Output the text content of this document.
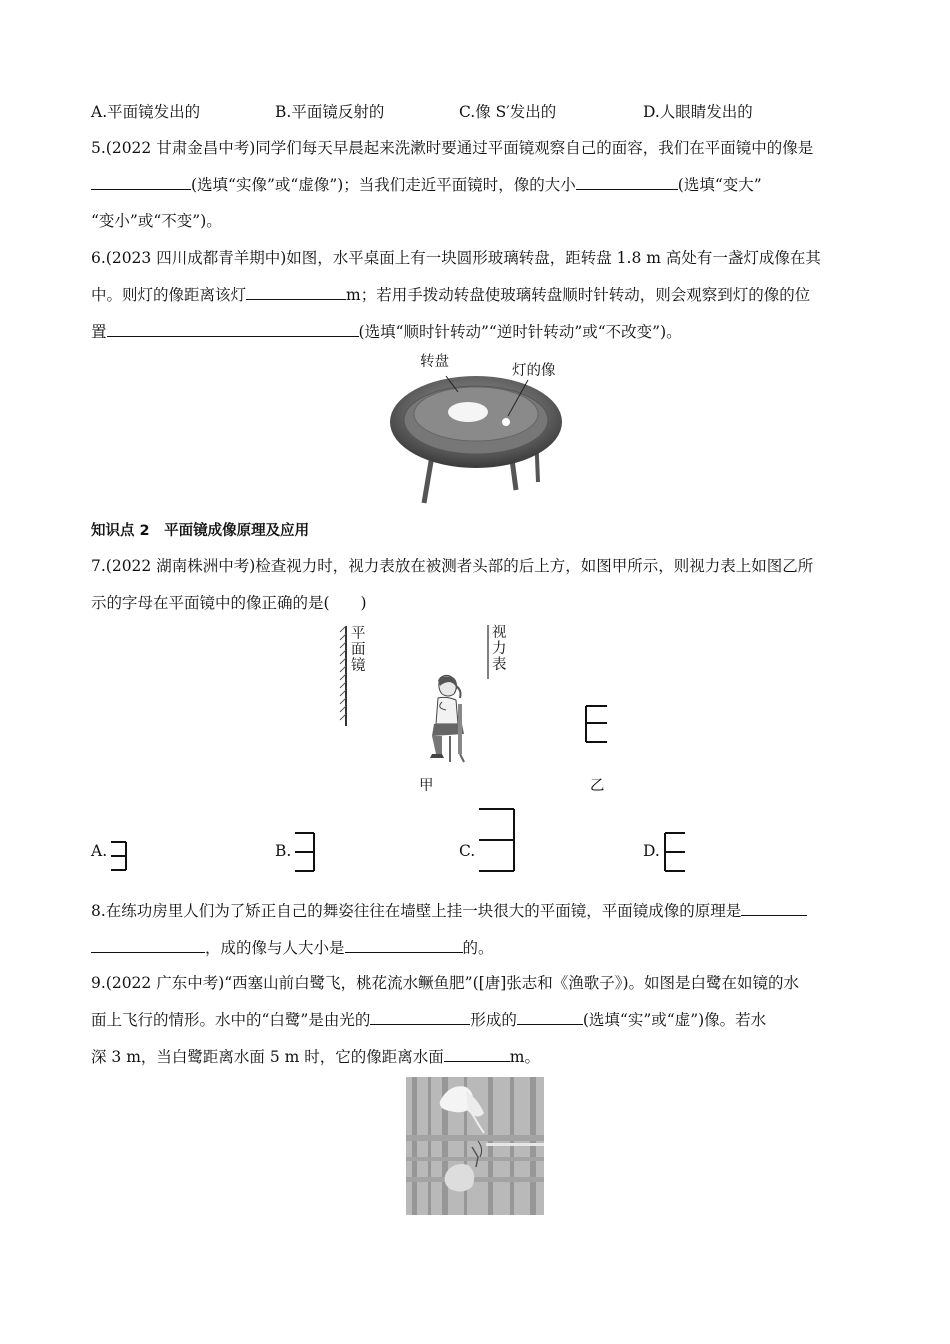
A.平面镜发出的	B.平面镜反射的	C.像 S′发出的	D.人眼睛发出的
5.(2022 甘肃金昌中考)同学们每天早晨起来洗漱时要通过平面镜观察自己的面容，我们在平面镜中的像是
(选填“实像”或“虚像”)；当我们走近平面镜时，像的大小	(选填“变大”
“变小”或“不变”)。
6.(2023 四川成都青羊期中)如图，水平桌面上有一块圆形玻璃转盘，距转盘 1.8 m 高处有一盏灯成像在其
中。则灯的像距离该灯	m；若用手拨动转盘使玻璃转盘顺时针转动，则会观察到灯的像的位
置	(选填“顺时针转动”“逆时针转动”或“不改变”)。
转盘
灯的像
知识点 2　平面镜成像原理及应用
7.(2022 湖南株洲中考)检查视力时，视力表放在被测者头部的后上方，如图甲所示，则视力表上如图乙所
示的字母在平面镜中的像正确的是(　　)
平面镜
视力表
甲	乙
A.	B.	C.	D.
8.在练功房里人们为了矫正自己的舞姿往往在墙壁上挂一块很大的平面镜，平面镜成像的原理是
，成的像与人大小是	的。
9.(2022 广东中考)“西塞山前白鹭飞，桃花流水鳜鱼肥”([唐]张志和《渔歌子》)。如图是白鹭在如镜的水
面上飞行的情形。水中的“白鹭”是由光的	形成的	(选填“实”或“虚”)像。若水
深 3 m，当白鹭距离水面 5 m 时，它的像距离水面	m。
